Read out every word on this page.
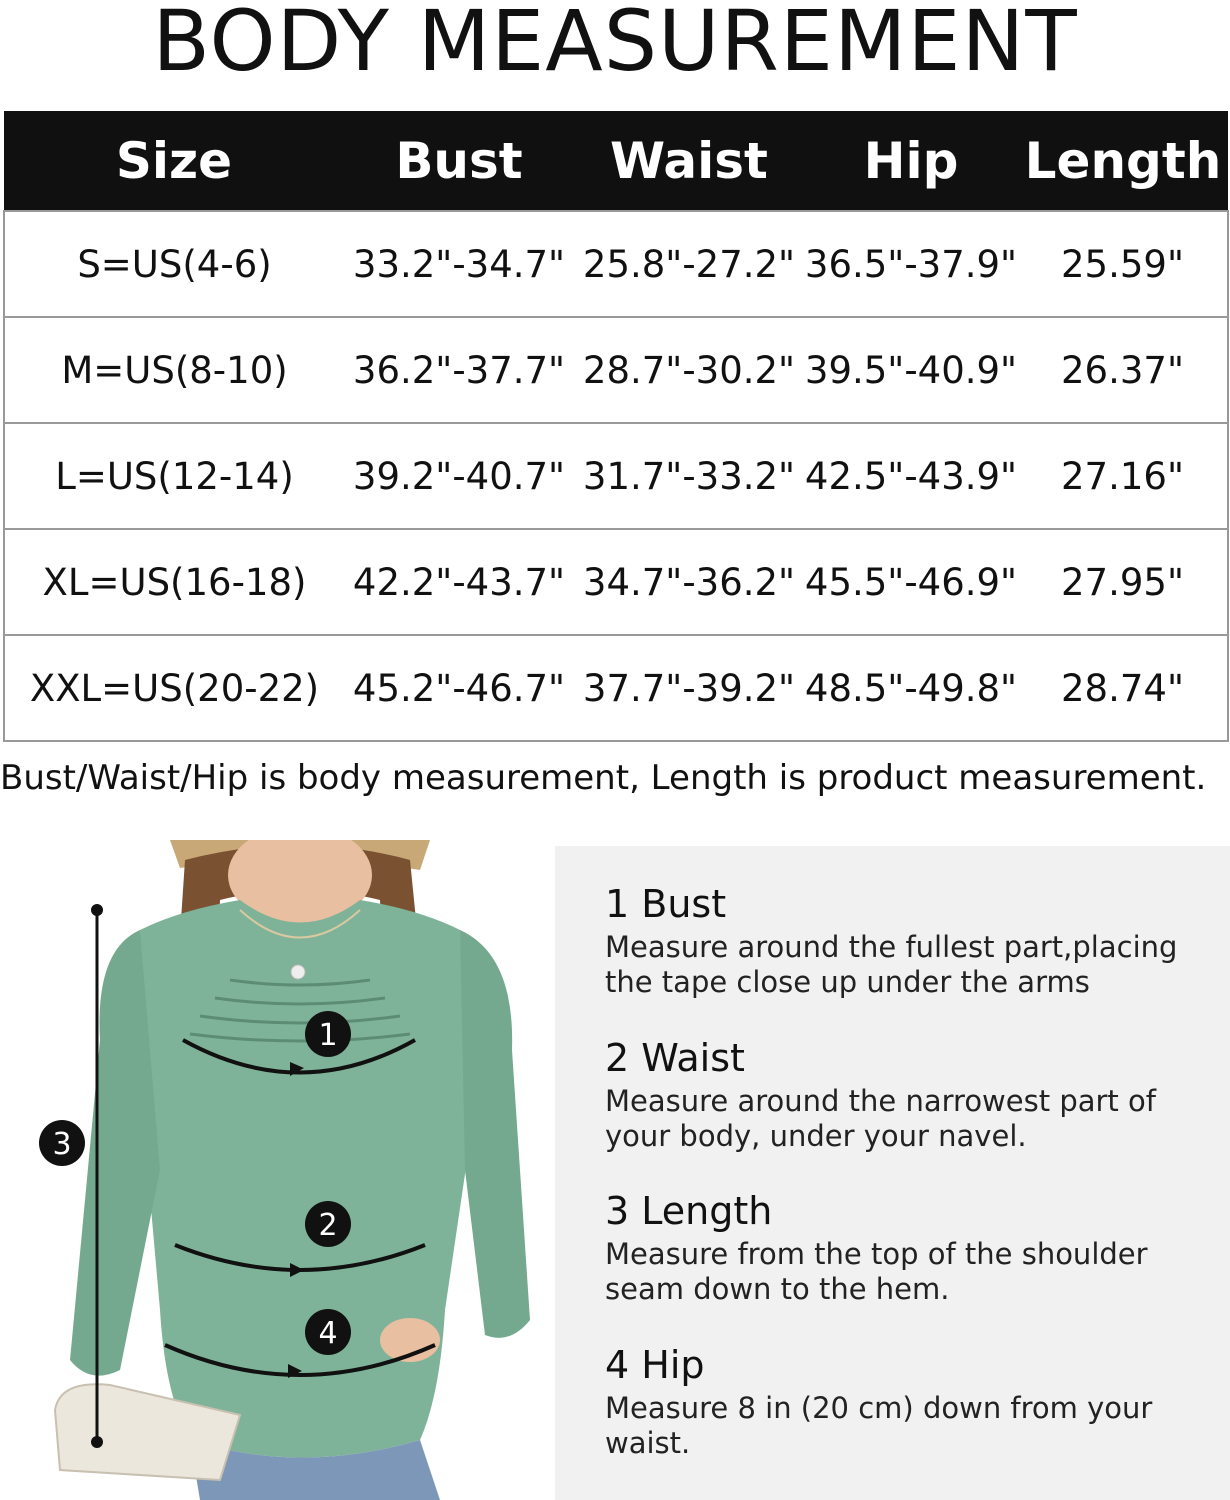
BODY MEASUREMENT
Size	Bust	Waist	Hip	Length
S=US(4-6)	33.2"-34.7"	25.8"-27.2"	36.5"-37.9"	25.59"
M=US(8-10)	36.2"-37.7"	28.7"-30.2"	39.5"-40.9"	26.37"
L=US(12-14)	39.2"-40.7"	31.7"-33.2"	42.5"-43.9"	27.16"
XL=US(16-18)	42.2"-43.7"	34.7"-36.2"	45.5"-46.9"	27.95"
XXL=US(20-22)	45.2"-46.7"	37.7"-39.2"	48.5"-49.8"	28.74"
Bust/Waist/Hip is body measurement, Length is product measurement.
1
2
3
4
1 Bust
Measure around the fullest part,placing the tape close up under the arms
2 Waist
Measure around the narrowest part of your body, under your navel.
3 Length
Measure from the top of the shoulder seam down to the hem.
4 Hip
Measure 8 in (20 cm) down from your waist.
